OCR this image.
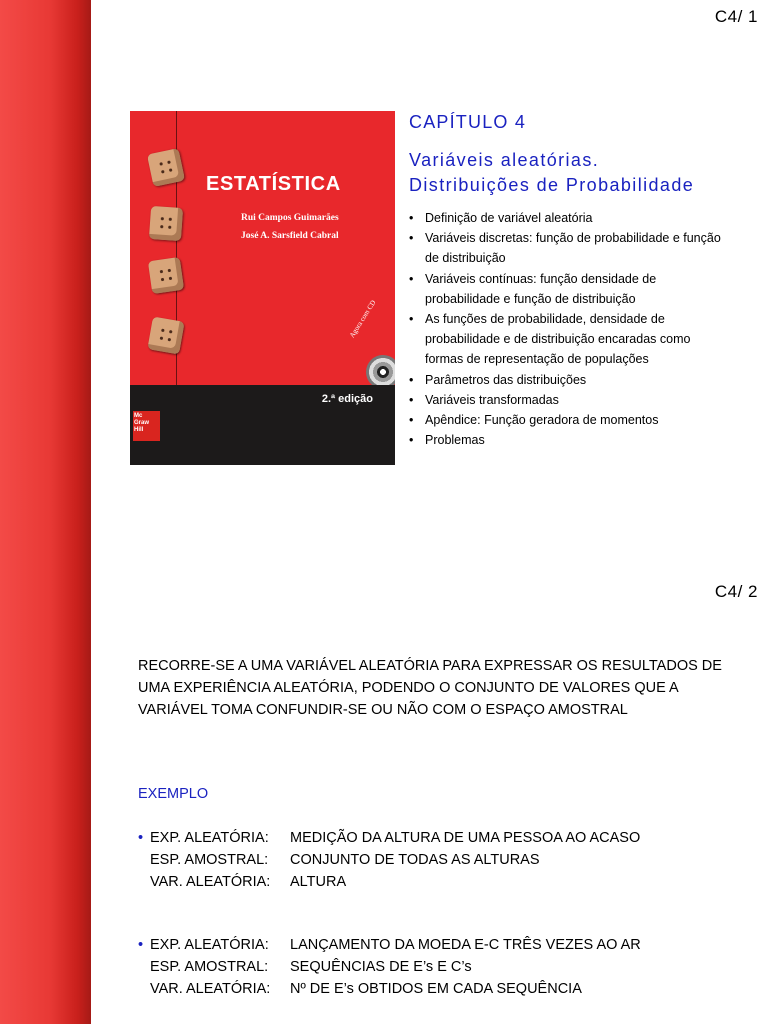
C4/ 1
ESTATÍSTICA
Rui Campos Guimarães
José A. Sarsfield Cabral
Agora com CD
2.ª edição
Mc
Graw
Hill
CAPÍTULO 4
Variáveis aleatórias.
Distribuições de Probabilidade
• Definição de variável aleatória
• Variáveis discretas: função de probabilidade e função de distribuição
• Variáveis contínuas: função densidade de probabilidade e função de distribuição
• As funções de probabilidade, densidade de probabilidade e de distribuição encaradas como formas de representação de populações
• Parâmetros das distribuições
• Variáveis transformadas
• Apêndice: Função geradora de momentos
• Problemas
C4/ 2
RECORRE-SE A UMA VARIÁVEL ALEATÓRIA PARA EXPRESSAR OS RESULTADOS DE UMA EXPERIÊNCIA ALEATÓRIA, PODENDO O CONJUNTO DE VALORES QUE A VARIÁVEL TOMA CONFUNDIR-SE OU NÃO COM O ESPAÇO AMOSTRAL
EXEMPLO
• EXP. ALEATÓRIA:	MEDIÇÃO DA ALTURA DE UMA PESSOA AO ACASO
ESP. AMOSTRAL:	CONJUNTO DE TODAS AS ALTURAS
VAR. ALEATÓRIA:	ALTURA
• EXP. ALEATÓRIA:	LANÇAMENTO DA MOEDA E-C TRÊS VEZES AO AR
ESP. AMOSTRAL:	SEQUÊNCIAS DE E’s E C’s
VAR. ALEATÓRIA:	Nº DE E’s OBTIDOS EM CADA SEQUÊNCIA
